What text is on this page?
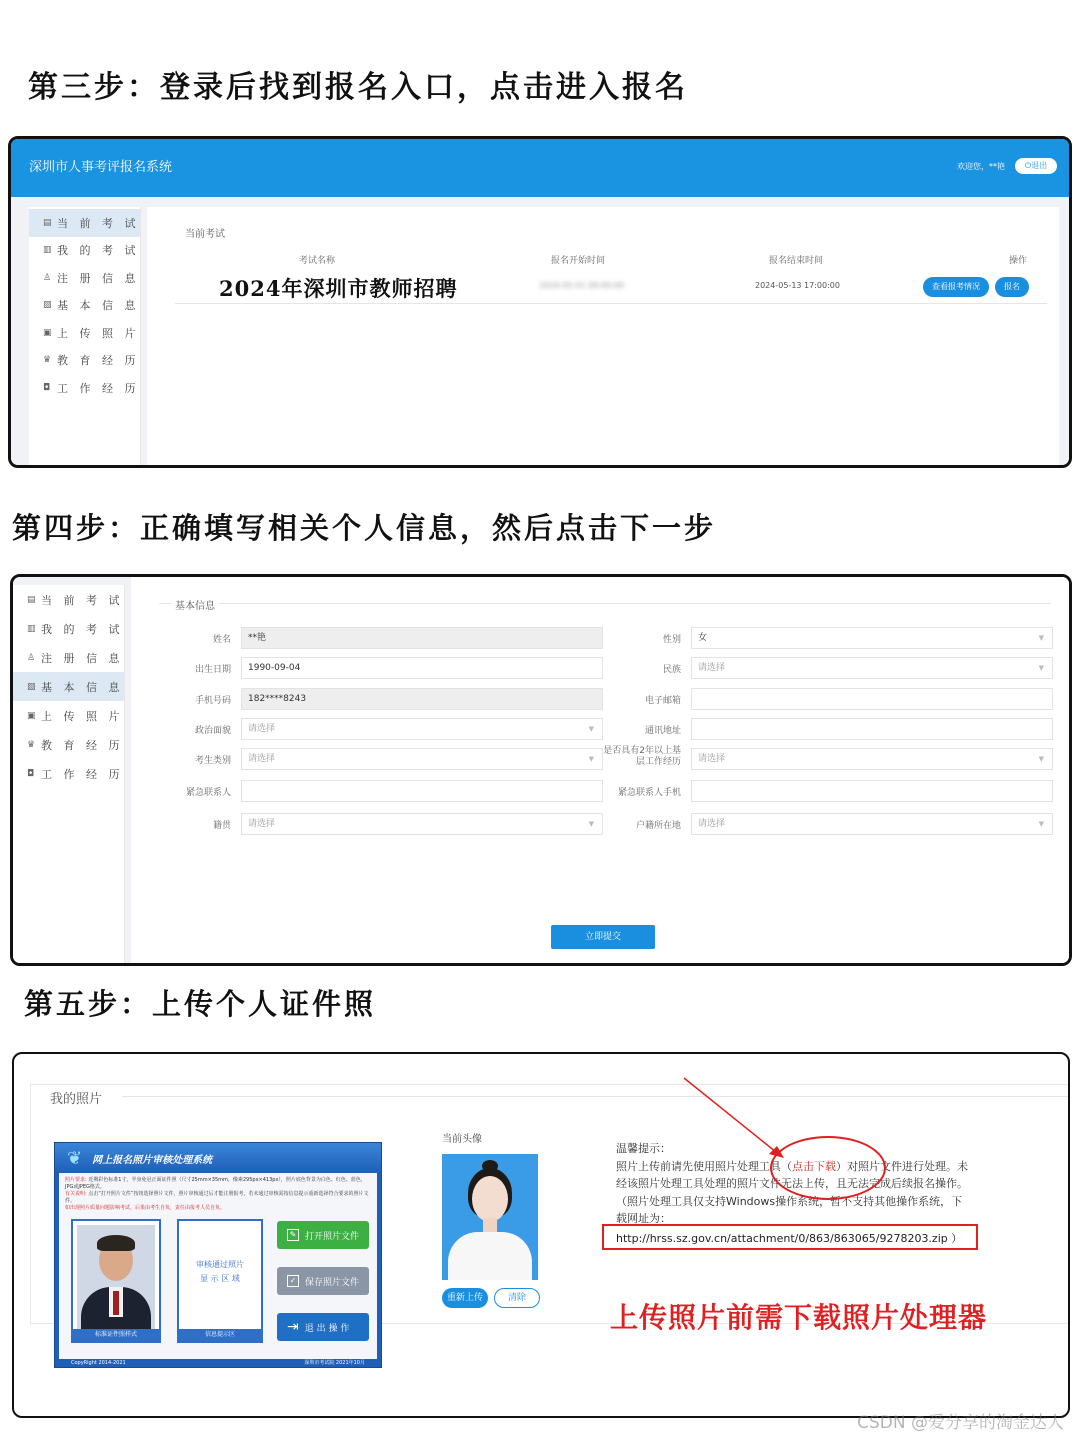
第三步：登录后找到报名入口，点击进入报名
深圳市人事考评报名系统	欢迎您，**艳	⏻退出
▤ 当 前 考 试
▥ 我 的 考 试
♙ 注 册 信 息
▧ 基 本 信 息
▣ 上 传 照 片
♛ 教 育 经 历
◘ 工 作 经 历
当前考试
考试名称	报名开始时间	报名结束时间	操作
2024年深圳市教师招聘	2024-05-01 09:00:00	2024-05-13 17:00:00	查看报考情况	报名
第四步：正确填写相关个人信息，然后点击下一步
▤ 当 前 考 试
▥ 我 的 考 试
♙ 注 册 信 息
▧ 基 本 信 息
▣ 上 传 照 片
♛ 教 育 经 历
◘ 工 作 经 历
基本信息
姓名	**艳
出生日期	1990-09-04
手机号码	182****8243
政治面貌	请选择	▼
考生类别	请选择	▼
紧急联系人
籍贯	请选择	▼
性别	女	▼
民族	请选择	▼
电子邮箱
通讯地址
是否具有2年以上基层工作经历	请选择	▼
紧急联系人手机
户籍所在地	请选择	▼
立即提交
第五步：上传个人证件照
我的照片
❦ 网上报名照片审核处理系统
照片要求: 近期彩色标准1寸，半身免冠正面证件照（尺寸25mm×35mm，像素295px×413px），照片底色背景为白色、红色、蓝色，JPG或JPEG格式。
有关说明: 点击“打开照片文件”按钮选择照片文件，照片审核通过后才能注册报考，若未通过审核需按信息提示重新选择符合要求的照片文件。
如出现照片质量问题影响考试，后果由考生自负，责任由报考人员自负。
标准证件照样式
审核通过照片
显 示 区 域
信息提示区
✎ 打开照片文件
✓ 保存照片文件
⇥ 退 出 操 作
CopyRight 2014-2021	深圳市考试院 2021年10月
当前头像
重新上传	清除
温馨提示：
照片上传前请先使用照片处理工具（点击下载）对照片文件进行处理。未经该照片处理工具处理的照片文件无法上传，且无法完成后续报名操作。（照片处理工具仅支持Windows操作系统，暂不支持其他操作系统，下载网址为：
http://hrss.sz.gov.cn/attachment/0/863/863065/9278203.zip ）
上传照片前需下载照片处理器
CSDN @爱分享的淘金达人
